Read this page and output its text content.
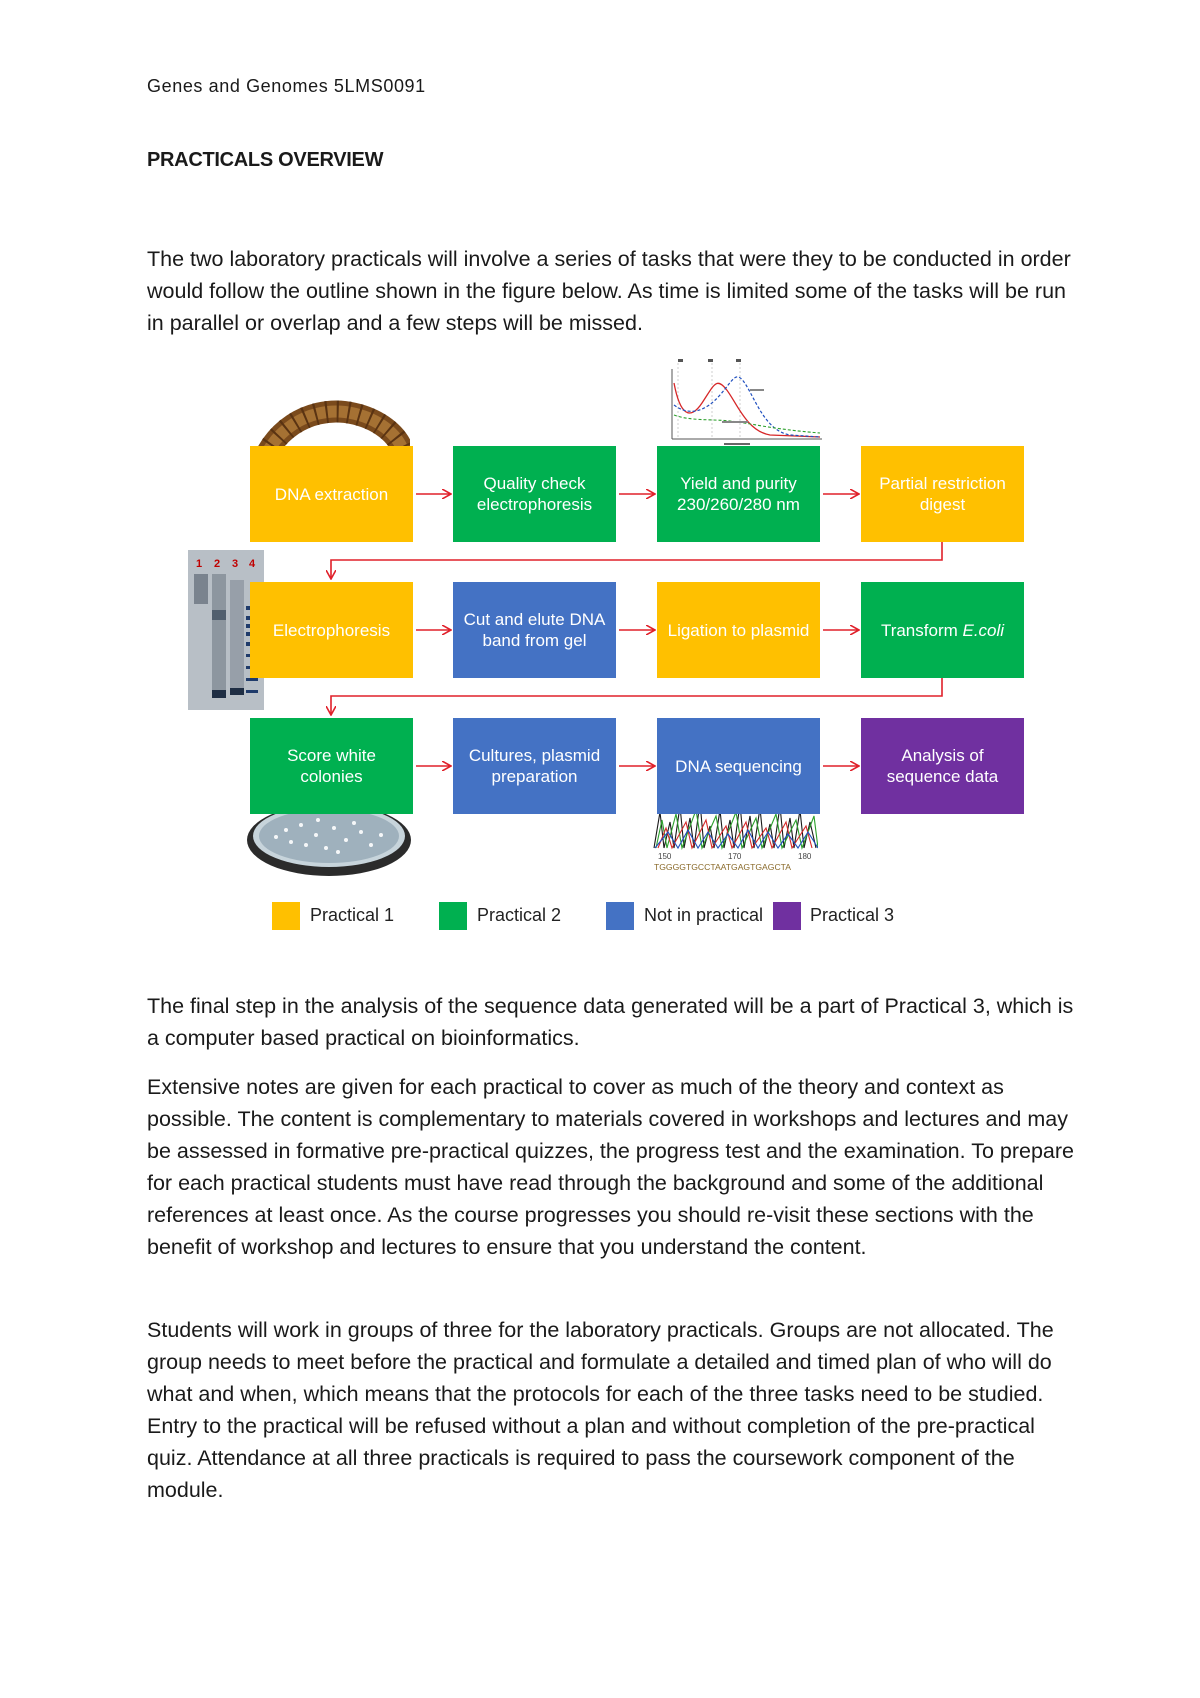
Genes and Genomes 5LMS0091
PRACTICALS OVERVIEW

The two laboratory practicals will involve a series of tasks that were they to be conducted in order would follow the outline shown in the figure below. As time is limited some of the tasks will be run in parallel or overlap and a few steps will be missed.

1 2 3 4
150	170	180
TGGGGTGCCTAATGAGTGAGCTA
DNA extraction
Quality check electrophoresis
Yield and purity 230/260/280 nm
Partial restriction digest
Electrophoresis
Cut and elute DNA band from gel
Ligation to plasmid	Transform E.coli
Score white colonies
Cultures, plasmid preparation
DNA sequencing
Analysis of sequence data
Practical 1	Practical 2	Not in practical	Practical 3

The final step in the analysis of the sequence data generated will be a part of Practical 3, which is a computer based practical on bioinformatics.

Extensive notes are given for each practical to cover as much of the theory and context as possible. The content is complementary to materials covered in workshops and lectures and may be assessed in formative pre-practical quizzes, the progress test and the examination. To prepare for each practical students must have read through the background and some of the additional references at least once. As the course progresses you should re-visit these sections with the benefit of workshop and lectures to ensure that you understand the content.

Students will work in groups of three for the laboratory practicals. Groups are not allocated. The group needs to meet before the practical and formulate a detailed and timed plan of who will do what and when, which means that the protocols for each of the three tasks need to be studied. Entry to the practical will be refused without a plan and without completion of the pre-practical quiz. Attendance at all three practicals is required to pass the coursework component of the module.
